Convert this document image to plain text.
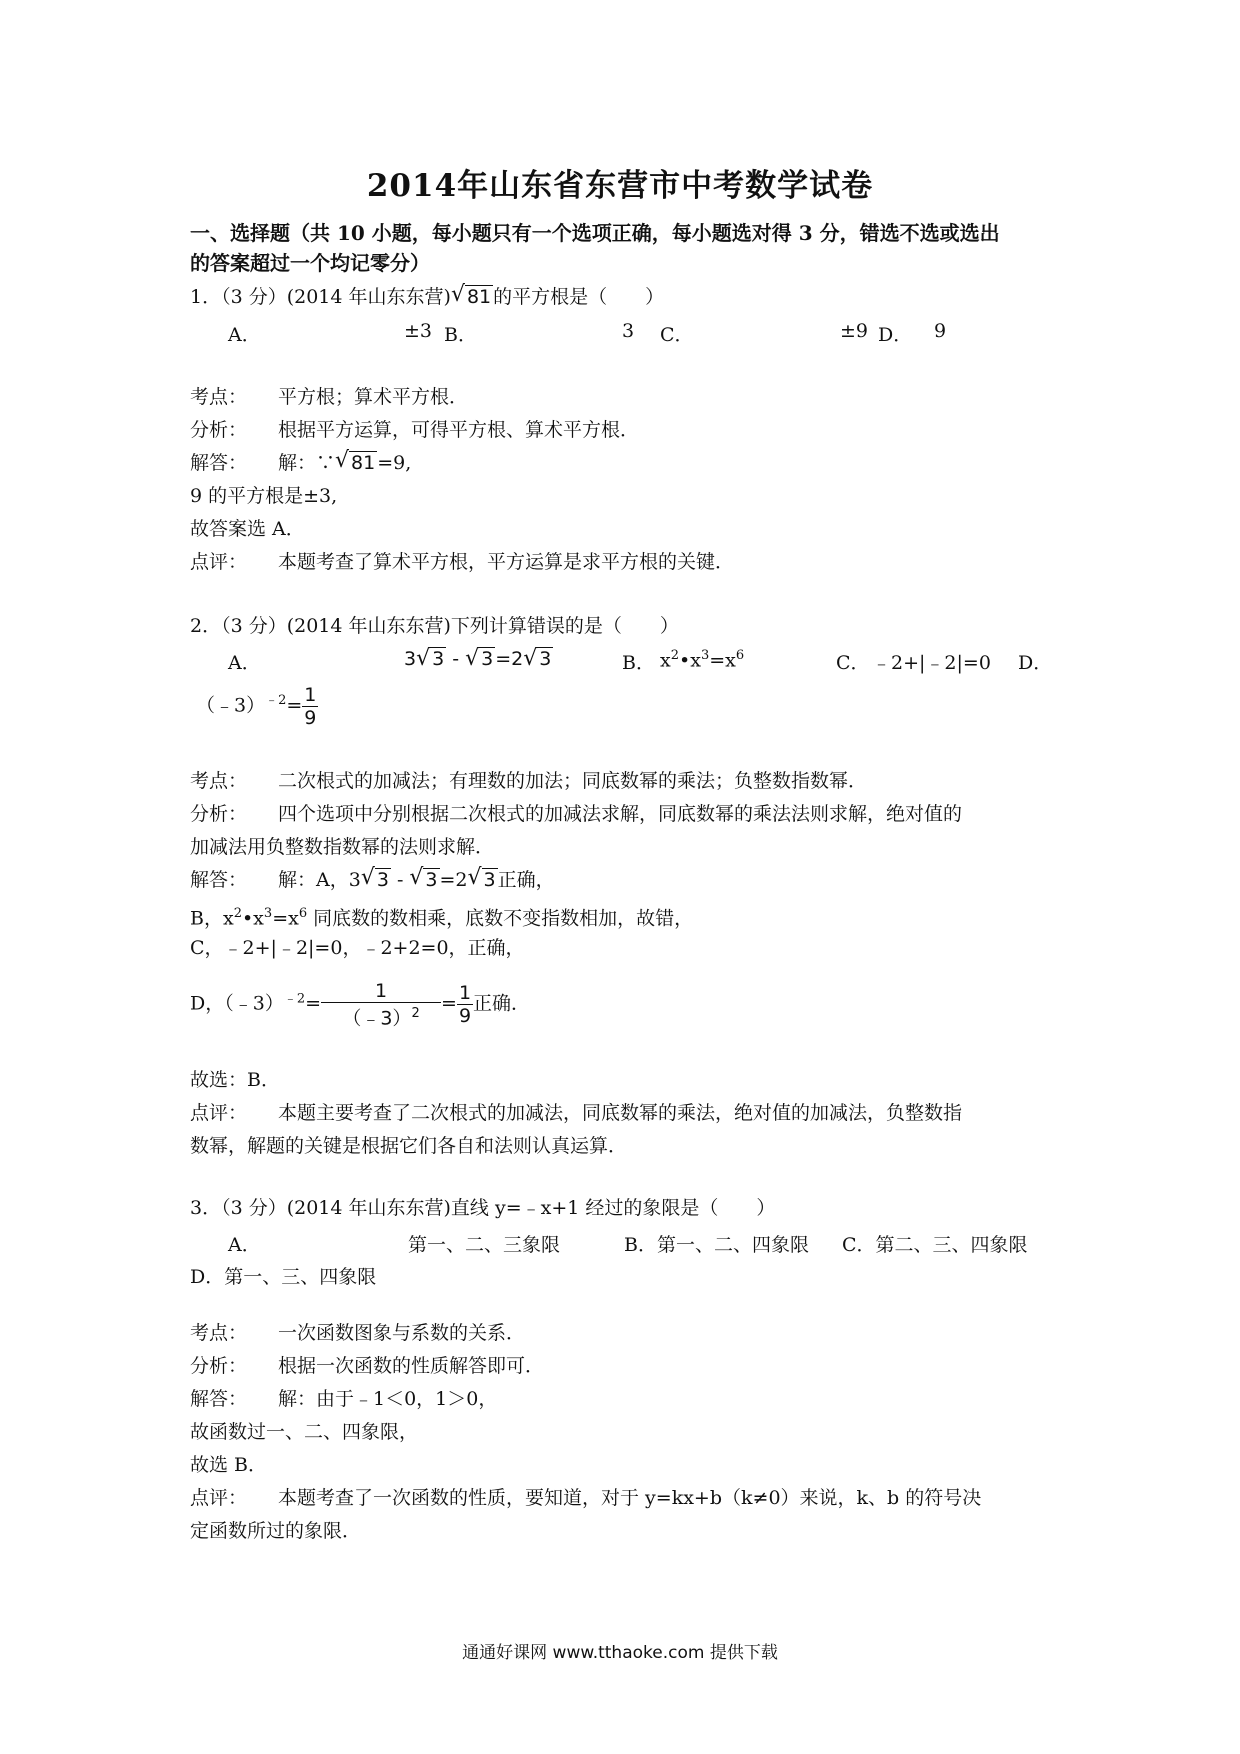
2014年山东省东营市中考数学试卷
一、选择题（共 10 小题，每小题只有一个选项正确，每小题选对得 3 分，错选不选或选出
的答案超过一个均记零分）
1．（3 分）(2014 年山东东营) √ 81 的平方根是（　　）
A．	±3 B．	3 C．	±9 D． 9
考点： 平方根；算术平方根．
分析： 根据平方运算，可得平方根、算术平方根．
解答： 解：∵ √ 81 =9,
9 的平方根是±3,
故答案选 A．
点评： 本题考查了算术平方根，平方运算是求平方根的关键．
2．（3 分）(2014 年山东东营)下列计算错误的是（　　）
A．	3 √ 3 - √ 3 =2 √ 3	B． $x^2•x^3=x^6$	C． ﹣2+|﹣2|=0 D．
（﹣3）$^{﹣2}$= $\frac{1}{9}$
考点： 二次根式的加减法；有理数的加法；同底数幂的乘法；负整数指数幂．
分析： 四个选项中分别根据二次根式的加减法求解，同底数幂的乘法法则求解，绝对值的
加减法用负整数指数幂的法则求解．
解答： 解：A，3 √ 3 - √ 3 =2 √ 3 正确，
B，$x^2•x^3=x^6$ 同底数的数相乘，底数不变指数相加，故错，
C，﹣2+|﹣2|=0，﹣2+2=0，正确，
D，（﹣3）$^{﹣2}$= $\frac{1}{(﹣3)^2} = \frac{1}{9}$ 正确．
故选：B．
点评： 本题主要考查了二次根式的加减法，同底数幂的乘法，绝对值的加减法，负整数指
数幂，解题的关键是根据它们各自和法则认真运算．
3．（3 分）(2014 年山东东营)直线 y=﹣x+1 经过的象限是（　　）
A．	第一、二、三象限	B．第一、二、四象限 C．第二、三、四象限
D．第一、三、四象限
考点： 一次函数图象与系数的关系．
分析： 根据一次函数的性质解答即可．
解答： 解：由于﹣1＜0，1＞0，
故函数过一、二、四象限，
故选 B．
点评： 本题考查了一次函数的性质，要知道，对于 y=kx+b（k≠0）来说，k、b 的符号决
定函数所过的象限．
通通好课网 www.tthaoke.com 提供下载
